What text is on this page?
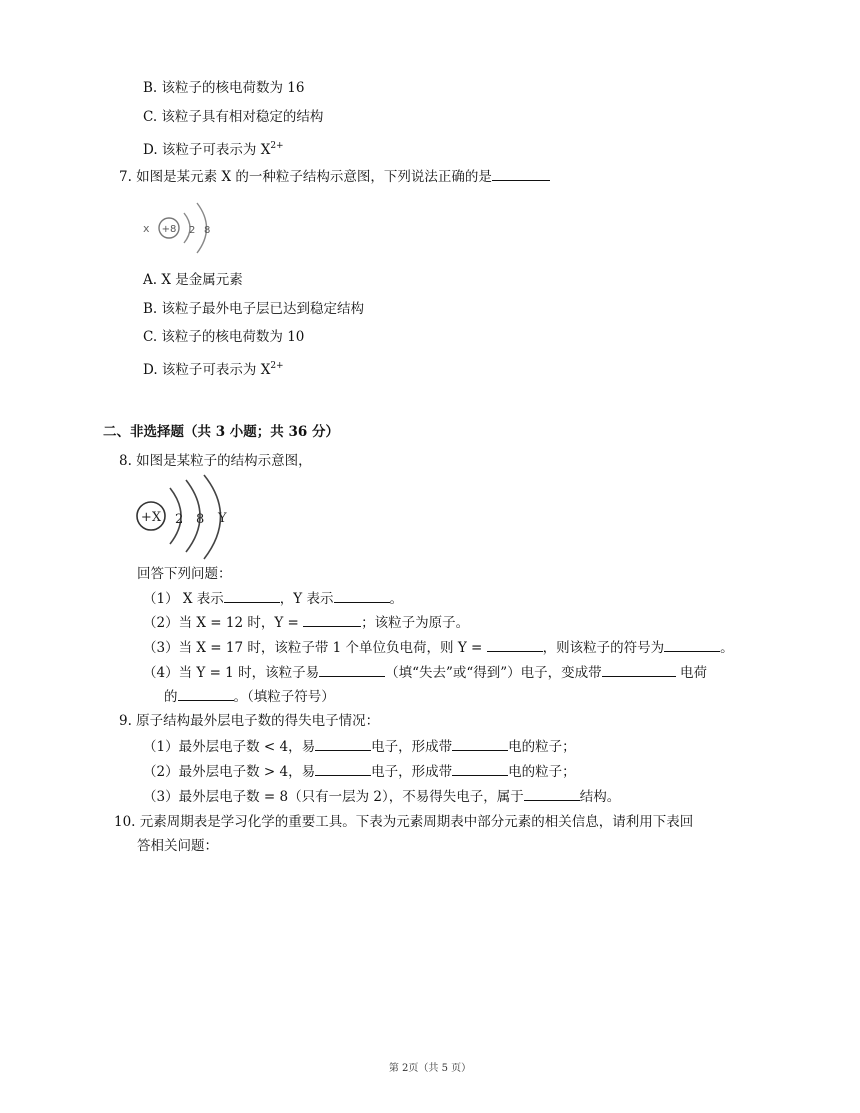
B. 该粒子的核电荷数为 16
C. 该粒子具有相对稳定的结构
D. 该粒子可表示为 $X^{2+}$
7. 如图是某元素 X 的一种粒子结构示意图，下列说法正确的是
x +8 2 8
A. X 是金属元素
B. 该粒子最外电子层已达到稳定结构
C. 该粒子的核电荷数为 10
D. 该粒子可表示为 $X^{2+}$
二、非选择题（共 3 小题；共 36 分）
8. 如图是某粒子的结构示意图，
+X 2 8 Y
回答下列问题：
（1） X 表示	，Y 表示	。
（2）当 X = 12 时，Y =	；该粒子为原子。
（3）当 X = 17 时，该粒子带 1 个单位负电荷，则 Y =	，则该粒子的符号为	。
（4）当 Y = 1 时，该粒子易	（填“失去”或“得到”）电子，变成带	电荷
的	。（填粒子符号）
9. 原子结构最外层电子数的得失电子情况：
（1）最外层电子数 < 4，易	电子，形成带	电的粒子；
（2）最外层电子数 > 4，易	电子，形成带	电的粒子；
（3）最外层电子数 = 8（只有一层为 2），不易得失电子，属于	结构。
10. 元素周期表是学习化学的重要工具。下表为元素周期表中部分元素的相关信息，请利用下表回
答相关问题：
第 2页（共 5 页）
